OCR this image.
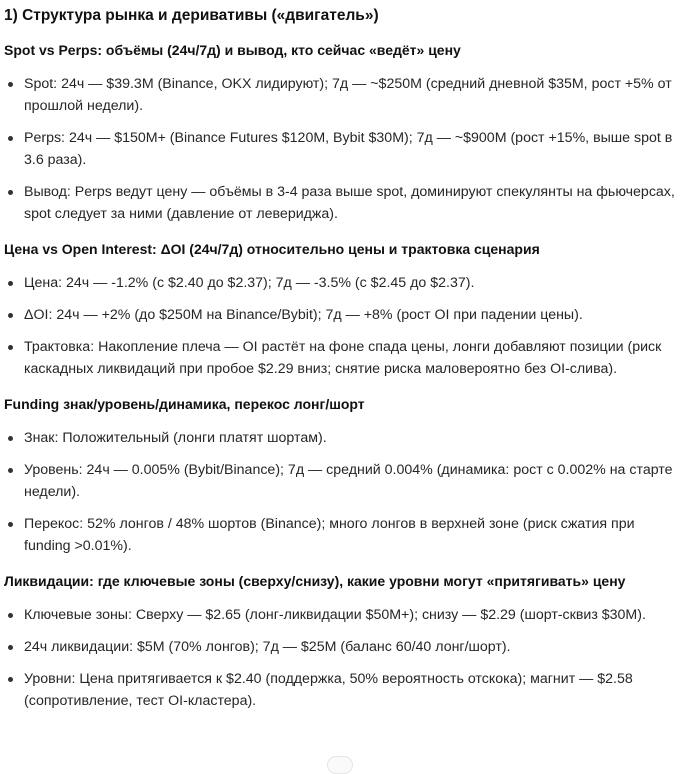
1) Структура рынка и деривативы («двигатель»)
Spot vs Perps: объёмы (24ч/7д) и вывод, кто сейчас «ведёт» цену
Spot: 24ч — $39.3M (Binance, OKX лидируют); 7д — ~$250M (средний дневной $35M, рост +5% от прошлой недели).
Perps: 24ч — $150M+ (Binance Futures $120M, Bybit $30M); 7д — ~$900M (рост +15%, выше spot в 3.6 раза).
Вывод: Perps ведут цену — объёмы в 3-4 раза выше spot, доминируют спекулянты на фьючерсах, spot следует за ними (давление от левериджа).
Цена vs Open Interest: ΔOI (24ч/7д) относительно цены и трактовка сценария
Цена: 24ч — -1.2% (с $2.40 до $2.37); 7д — -3.5% (с $2.45 до $2.37).
ΔOI: 24ч — +2% (до $250M на Binance/Bybit); 7д — +8% (рост OI при падении цены).
Трактовка: Накопление плеча — OI растёт на фоне спада цены, лонги добавляют позиции (риск каскадных ликвидаций при пробое $2.29 вниз; снятие риска маловероятно без OI-слива).
Funding знак/уровень/динамика, перекос лонг/шорт
Знак: Положительный (лонги платят шортам).
Уровень: 24ч — 0.005% (Bybit/Binance); 7д — средний 0.004% (динамика: рост с 0.002% на старте недели).
Перекос: 52% лонгов / 48% шортов (Binance); много лонгов в верхней зоне (риск сжатия при funding >0.01%).
Ликвидации: где ключевые зоны (сверху/снизу), какие уровни могут «притягивать» цену
Ключевые зоны: Сверху — $2.65 (лонг-ликвидации $50M+); снизу — $2.29 (шорт-сквиз $30M).
24ч ликвидации: $5M (70% лонгов); 7д — $25M (баланс 60/40 лонг/шорт).
Уровни: Цена притягивается к $2.40 (поддержка, 50% вероятность отскока); магнит — $2.58 (сопротивление, тест OI-кластера).
